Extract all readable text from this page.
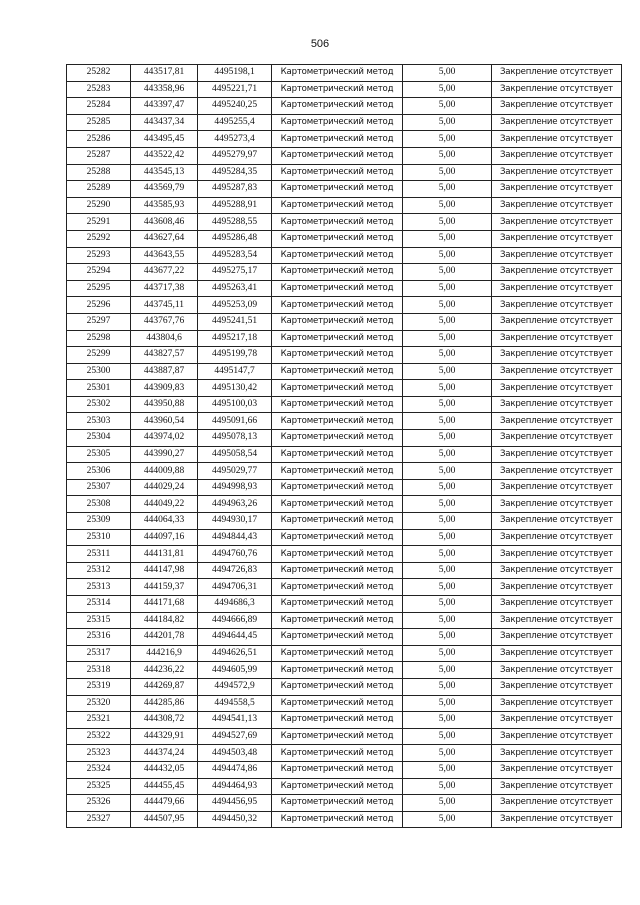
506
25282	443517,81	4495198,1	Картометрический метод	5,00	Закрепление отсутствует
25283	443358,96	4495221,71	Картометрический метод	5,00	Закрепление отсутствует
25284	443397,47	4495240,25	Картометрический метод	5,00	Закрепление отсутствует
25285	443437,34	4495255,4	Картометрический метод	5,00	Закрепление отсутствует
25286	443495,45	4495273,4	Картометрический метод	5,00	Закрепление отсутствует
25287	443522,42	4495279,97	Картометрический метод	5,00	Закрепление отсутствует
25288	443545,13	4495284,35	Картометрический метод	5,00	Закрепление отсутствует
25289	443569,79	4495287,83	Картометрический метод	5,00	Закрепление отсутствует
25290	443585,93	4495288,91	Картометрический метод	5,00	Закрепление отсутствует
25291	443608,46	4495288,55	Картометрический метод	5,00	Закрепление отсутствует
25292	443627,64	4495286,48	Картометрический метод	5,00	Закрепление отсутствует
25293	443643,55	4495283,54	Картометрический метод	5,00	Закрепление отсутствует
25294	443677,22	4495275,17	Картометрический метод	5,00	Закрепление отсутствует
25295	443717,38	4495263,41	Картометрический метод	5,00	Закрепление отсутствует
25296	443745,11	4495253,09	Картометрический метод	5,00	Закрепление отсутствует
25297	443767,76	4495241,51	Картометрический метод	5,00	Закрепление отсутствует
25298	443804,6	4495217,18	Картометрический метод	5,00	Закрепление отсутствует
25299	443827,57	4495199,78	Картометрический метод	5,00	Закрепление отсутствует
25300	443887,87	4495147,7	Картометрический метод	5,00	Закрепление отсутствует
25301	443909,83	4495130,42	Картометрический метод	5,00	Закрепление отсутствует
25302	443950,88	4495100,03	Картометрический метод	5,00	Закрепление отсутствует
25303	443960,54	4495091,66	Картометрический метод	5,00	Закрепление отсутствует
25304	443974,02	4495078,13	Картометрический метод	5,00	Закрепление отсутствует
25305	443990,27	4495058,54	Картометрический метод	5,00	Закрепление отсутствует
25306	444009,88	4495029,77	Картометрический метод	5,00	Закрепление отсутствует
25307	444029,24	4494998,93	Картометрический метод	5,00	Закрепление отсутствует
25308	444049,22	4494963,26	Картометрический метод	5,00	Закрепление отсутствует
25309	444064,33	4494930,17	Картометрический метод	5,00	Закрепление отсутствует
25310	444097,16	4494844,43	Картометрический метод	5,00	Закрепление отсутствует
25311	444131,81	4494760,76	Картометрический метод	5,00	Закрепление отсутствует
25312	444147,98	4494726,83	Картометрический метод	5,00	Закрепление отсутствует
25313	444159,37	4494706,31	Картометрический метод	5,00	Закрепление отсутствует
25314	444171,68	4494686,3	Картометрический метод	5,00	Закрепление отсутствует
25315	444184,82	4494666,89	Картометрический метод	5,00	Закрепление отсутствует
25316	444201,78	4494644,45	Картометрический метод	5,00	Закрепление отсутствует
25317	444216,9	4494626,51	Картометрический метод	5,00	Закрепление отсутствует
25318	444236,22	4494605,99	Картометрический метод	5,00	Закрепление отсутствует
25319	444269,87	4494572,9	Картометрический метод	5,00	Закрепление отсутствует
25320	444285,86	4494558,5	Картометрический метод	5,00	Закрепление отсутствует
25321	444308,72	4494541,13	Картометрический метод	5,00	Закрепление отсутствует
25322	444329,91	4494527,69	Картометрический метод	5,00	Закрепление отсутствует
25323	444374,24	4494503,48	Картометрический метод	5,00	Закрепление отсутствует
25324	444432,05	4494474,86	Картометрический метод	5,00	Закрепление отсутствует
25325	444455,45	4494464,93	Картометрический метод	5,00	Закрепление отсутствует
25326	444479,66	4494456,95	Картометрический метод	5,00	Закрепление отсутствует
25327	444507,95	4494450,32	Картометрический метод	5,00	Закрепление отсутствует
